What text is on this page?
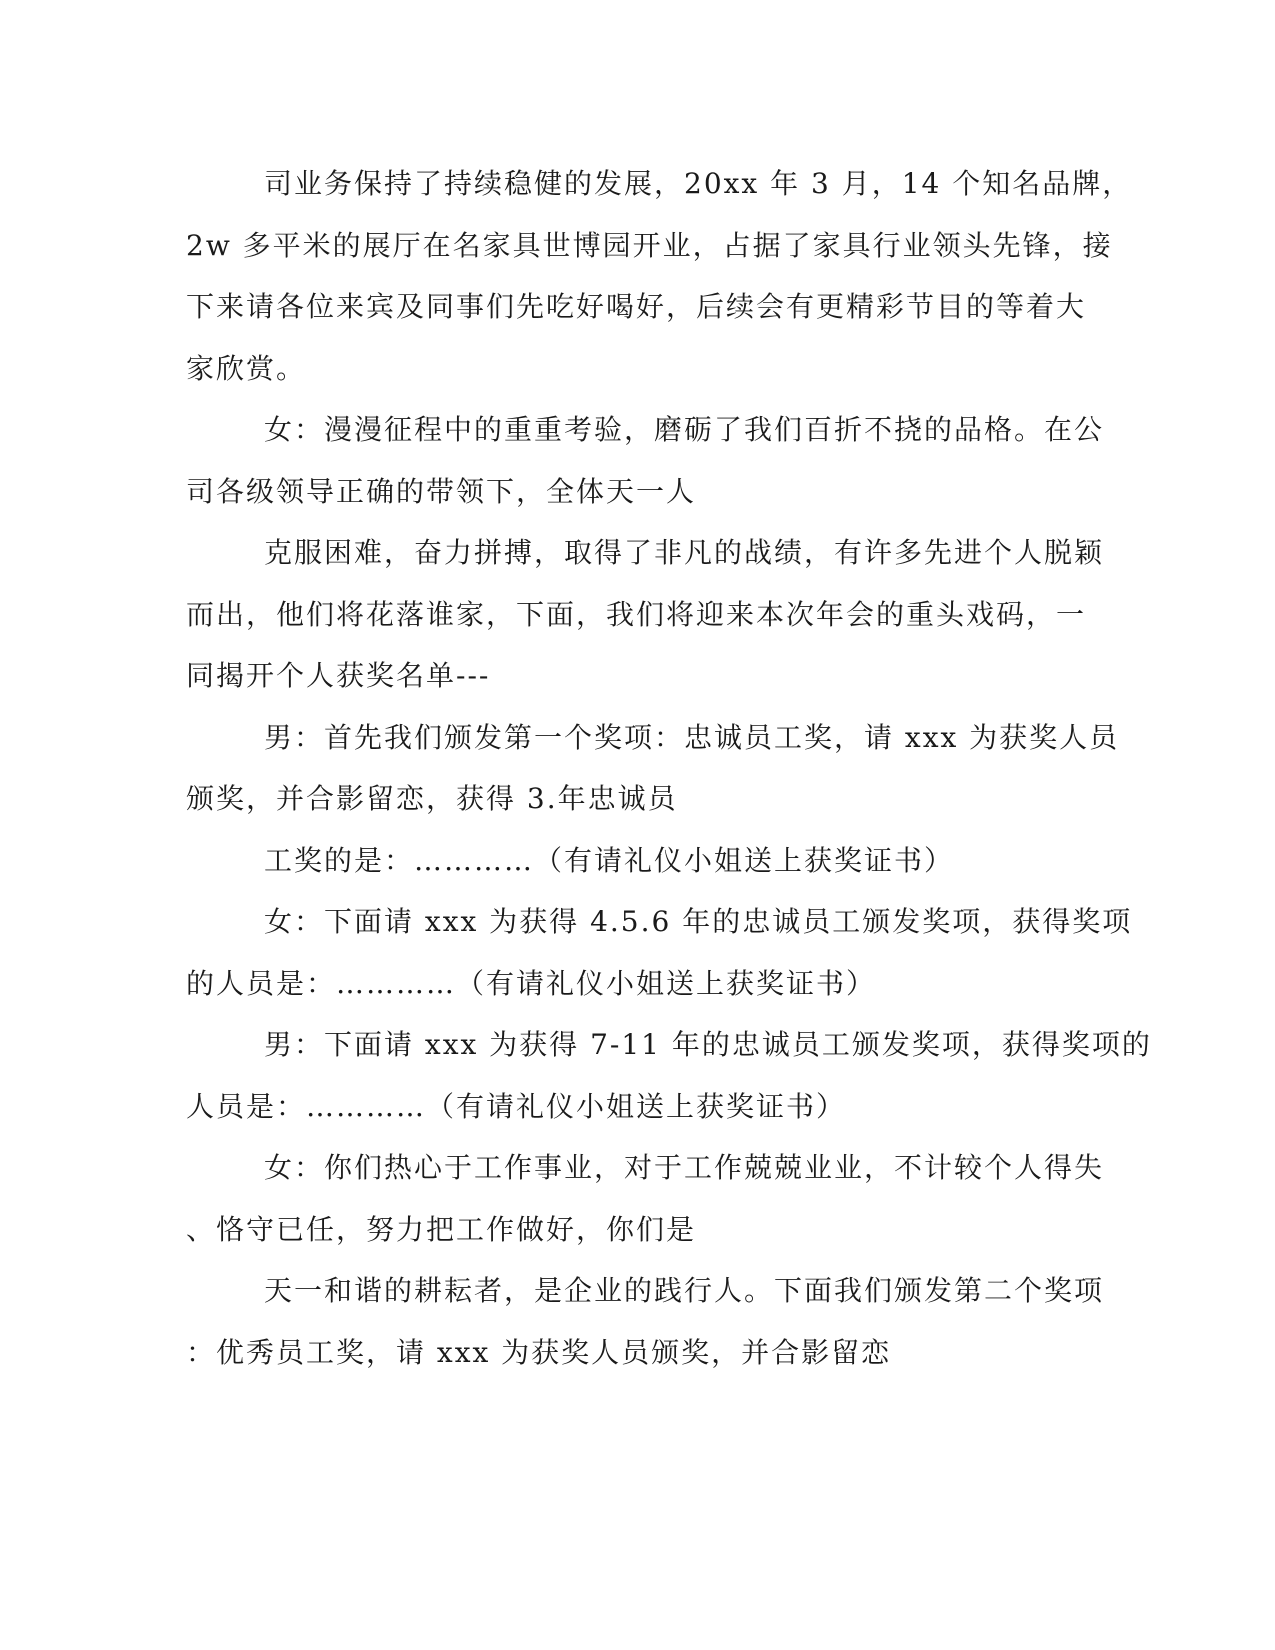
司业务保持了持续稳健的发展，20xx 年 3 月，14 个知名品牌，
2w 多平米的展厅在名家具世博园开业，占据了家具行业领头先锋，接
下来请各位来宾及同事们先吃好喝好，后续会有更精彩节目的等着大
家欣赏。
女：漫漫征程中的重重考验，磨砺了我们百折不挠的品格。在公
司各级领导正确的带领下，全体天一人
克服困难，奋力拼搏，取得了非凡的战绩，有许多先进个人脱颖
而出，他们将花落谁家，下面，我们将迎来本次年会的重头戏码，一
同揭开个人获奖名单---
男：首先我们颁发第一个奖项：忠诚员工奖，请 xxx 为获奖人员
颁奖，并合影留恋，获得 3.年忠诚员
工奖的是：…………（有请礼仪小姐送上获奖证书）
女：下面请 xxx 为获得 4.5.6 年的忠诚员工颁发奖项，获得奖项
的人员是：…………（有请礼仪小姐送上获奖证书）
男：下面请 xxx 为获得 7-11 年的忠诚员工颁发奖项，获得奖项的
人员是：…………（有请礼仪小姐送上获奖证书）
女：你们热心于工作事业，对于工作兢兢业业，不计较个人得失
、恪守已任，努力把工作做好，你们是
天一和谐的耕耘者，是企业的践行人。下面我们颁发第二个奖项
：优秀员工奖，请 xxx 为获奖人员颁奖，并合影留恋
